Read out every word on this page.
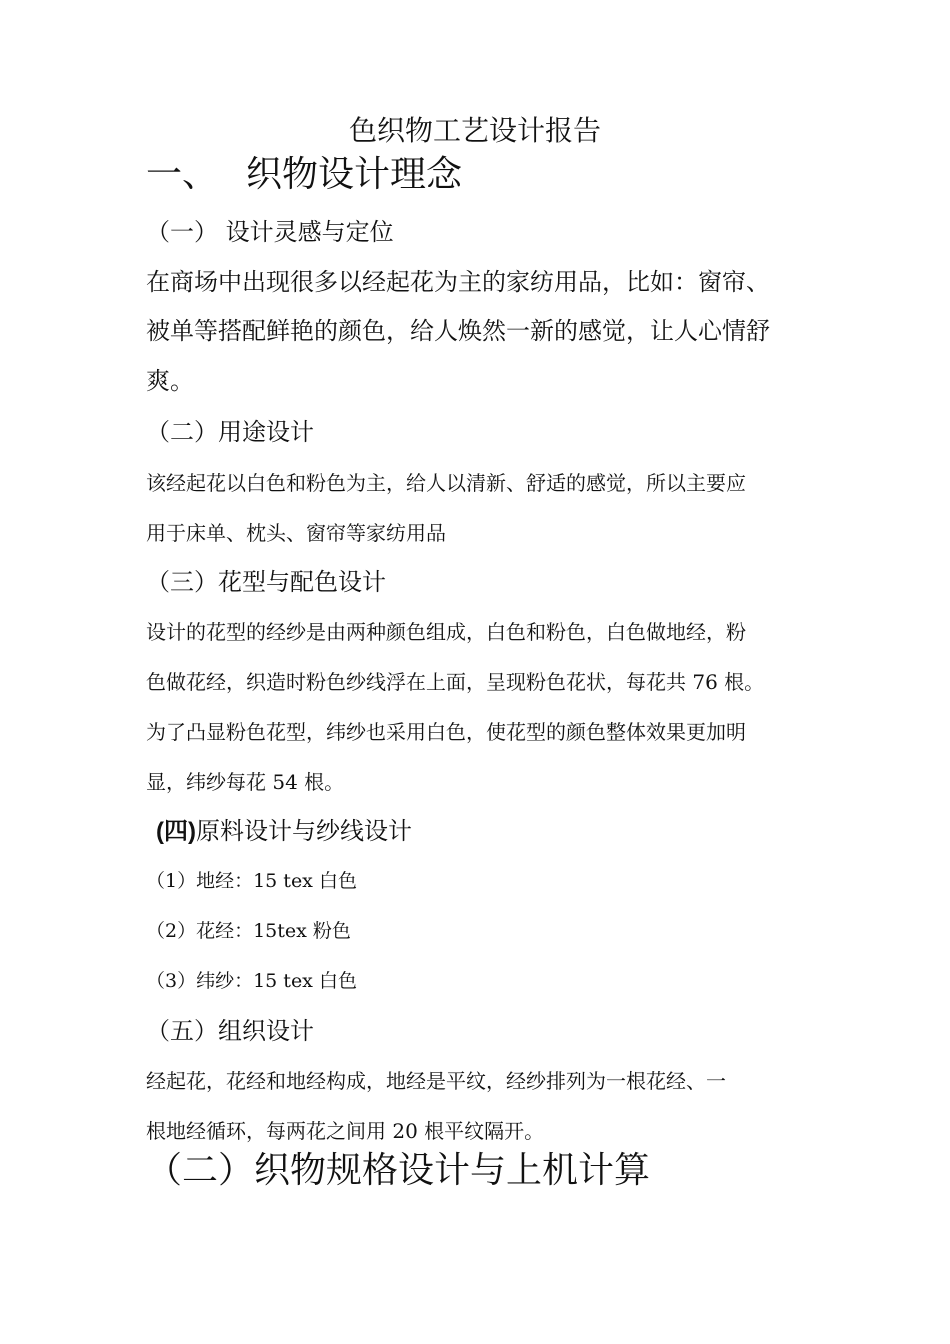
色织物工艺设计报告
一、 织物设计理念
（一） 设计灵感与定位
在商场中出现很多以经起花为主的家纺用品，比如：窗帘、
被单等搭配鲜艳的颜色，给人焕然一新的感觉，让人心情舒
爽。
（二）用途设计
该经起花以白色和粉色为主，给人以清新、舒适的感觉，所以主要应
用于床单、枕头、窗帘等家纺用品
（三）花型与配色设计
设计的花型的经纱是由两种颜色组成，白色和粉色，白色做地经，粉
色做花经，织造时粉色纱线浮在上面，呈现粉色花状，每花共 76 根。
为了凸显粉色花型，纬纱也采用白色，使花型的颜色整体效果更加明
显，纬纱每花 54 根。
(四)原料设计与纱线设计
（1）地经：15 tex 白色
（2）花经：15tex 粉色
（3）纬纱：15 tex 白色
（五）组织设计
经起花，花经和地经构成，地经是平纹，经纱排列为一根花经、一
根地经循环，每两花之间用 20 根平纹隔开。
（二）织物规格设计与上机计算
